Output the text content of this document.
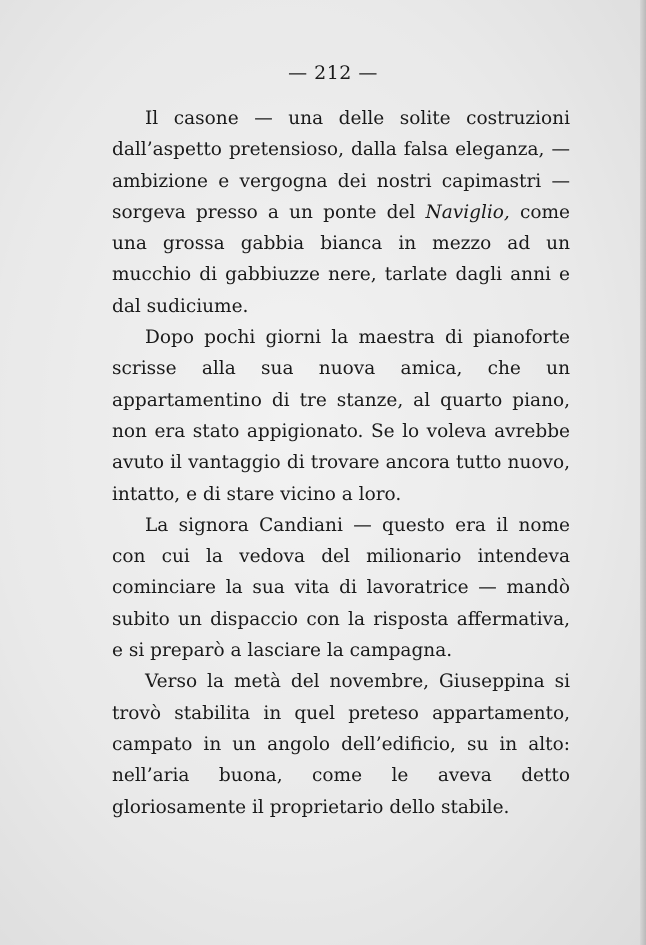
— 212 —

Il casone — una delle solite costruzioni dall’aspetto pretensioso, dalla falsa eleganza, — ambizione e vergogna dei nostri capimastri — sorgeva presso a un ponte del Naviglio, come una grossa gabbia bianca in mezzo ad un mucchio di gabbiuzze nere, tarlate dagli anni e dal sudiciume.

Dopo pochi giorni la maestra di pianoforte scrisse alla sua nuova amica, che un appartamentino di tre stanze, al quarto piano, non era stato appigionato. Se lo voleva avrebbe avuto il vantaggio di trovare ancora tutto nuovo, intatto, e di stare vicino a loro.

La signora Candiani — questo era il nome con cui la vedova del milionario intendeva cominciare la sua vita di lavoratrice — mandò subito un dispaccio con la risposta affermativa, e si preparò a lasciare la campagna.

Verso la metà del novembre, Giuseppina si trovò stabilita in quel preteso appartamento, campato in un angolo dell’edificio, su in alto: nell’aria buona, come le aveva detto gloriosamente il proprietario dello stabile.
